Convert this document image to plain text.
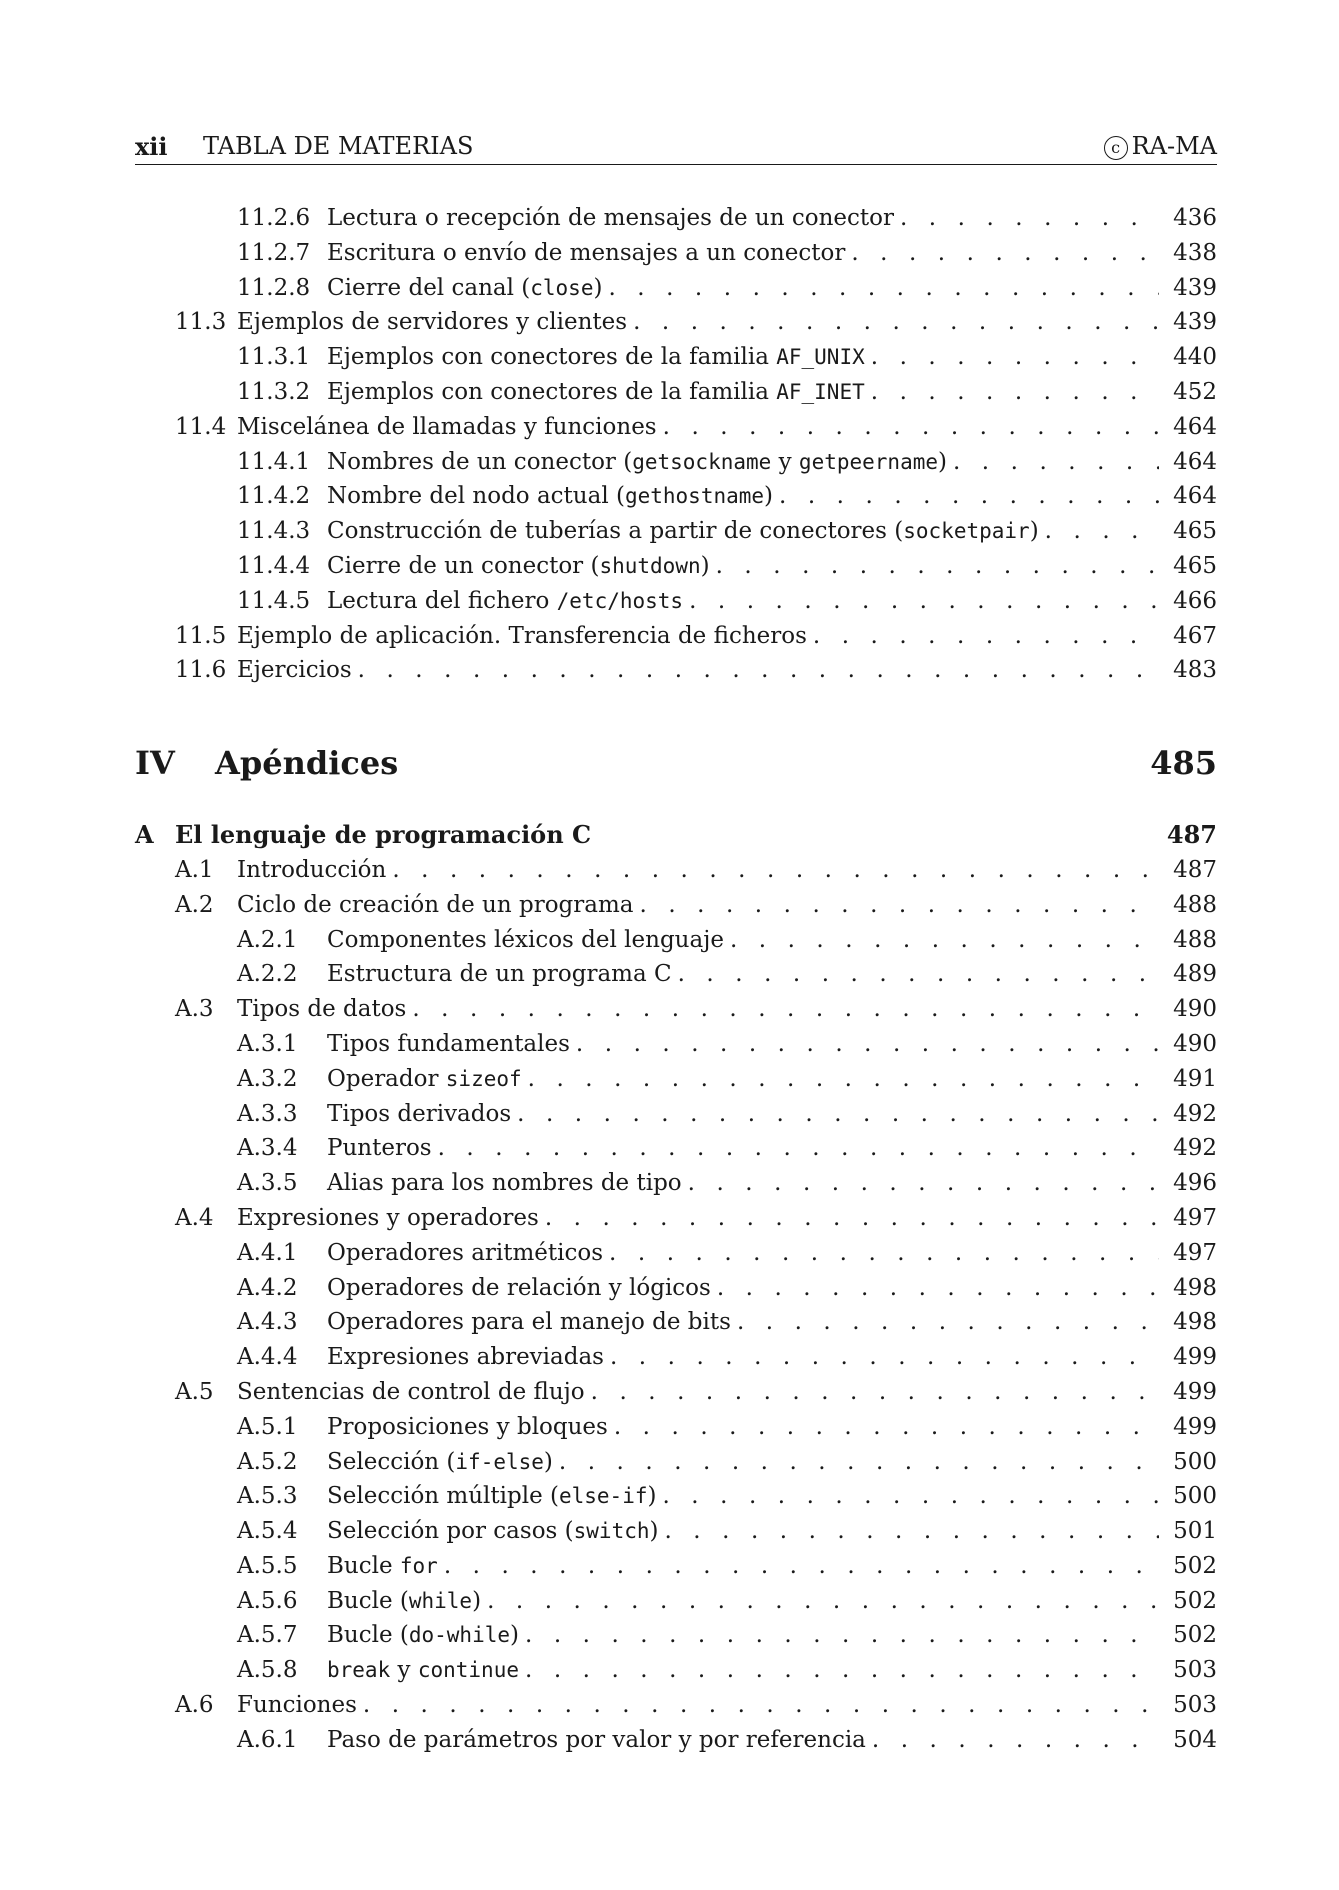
xii TABLA DE MATERIAS	c RA-MA
11.2.6 Lectura o recepción de mensajes de un conector . . .	436
11.2.7 Escritura o envío de mensajes a un conector . . .	438
11.2.8 Cierre del canal (close) . . .	439
11.3 Ejemplos de servidores y clientes . . .	439
11.3.1 Ejemplos con conectores de la familia AF_UNIX . . .	440
11.3.2 Ejemplos con conectores de la familia AF_INET . . .	452
11.4 Miscelánea de llamadas y funciones . . .	464
11.4.1 Nombres de un conector (getsockname y getpeername) . . .	464
11.4.2 Nombre del nodo actual (gethostname) . . .	464
11.4.3 Construcción de tuberías a partir de conectores (socketpair) . . .	465
11.4.4 Cierre de un conector (shutdown) . . .	465
11.4.5 Lectura del fichero /etc/hosts . . .	466
11.5 Ejemplo de aplicación. Transferencia de ficheros . . .	467
11.6 Ejercicios . . .	483
IV Apéndices	485
A El lenguaje de programación C	487
A.1	Introducción . . .	487
A.2	Ciclo de creación de un programa . . .	488
A.2.1	Componentes léxicos del lenguaje . . .	488
A.2.2	Estructura de un programa C . . .	489
A.3	Tipos de datos . . .	490
A.3.1	Tipos fundamentales . . .	490
A.3.2	Operador sizeof . . .	491
A.3.3	Tipos derivados . . .	492
A.3.4	Punteros . . .	492
A.3.5	Alias para los nombres de tipo . . .	496
A.4	Expresiones y operadores . . .	497
A.4.1	Operadores aritméticos . . .	497
A.4.2	Operadores de relación y lógicos . . .	498
A.4.3	Operadores para el manejo de bits . . .	498
A.4.4	Expresiones abreviadas . . .	499
A.5	Sentencias de control de flujo . . .	499
A.5.1	Proposiciones y bloques . . .	499
A.5.2	Selección (if-else) . . .	500
A.5.3	Selección múltiple (else-if) . . .	500
A.5.4	Selección por casos (switch) . . .	501
A.5.5	Bucle for . . .	502
A.5.6	Bucle (while) . . .	502
A.5.7	Bucle (do-while) . . .	502
A.5.8	break y continue . . .	503
A.6	Funciones . . .	503
A.6.1	Paso de parámetros por valor y por referencia . . .	504
